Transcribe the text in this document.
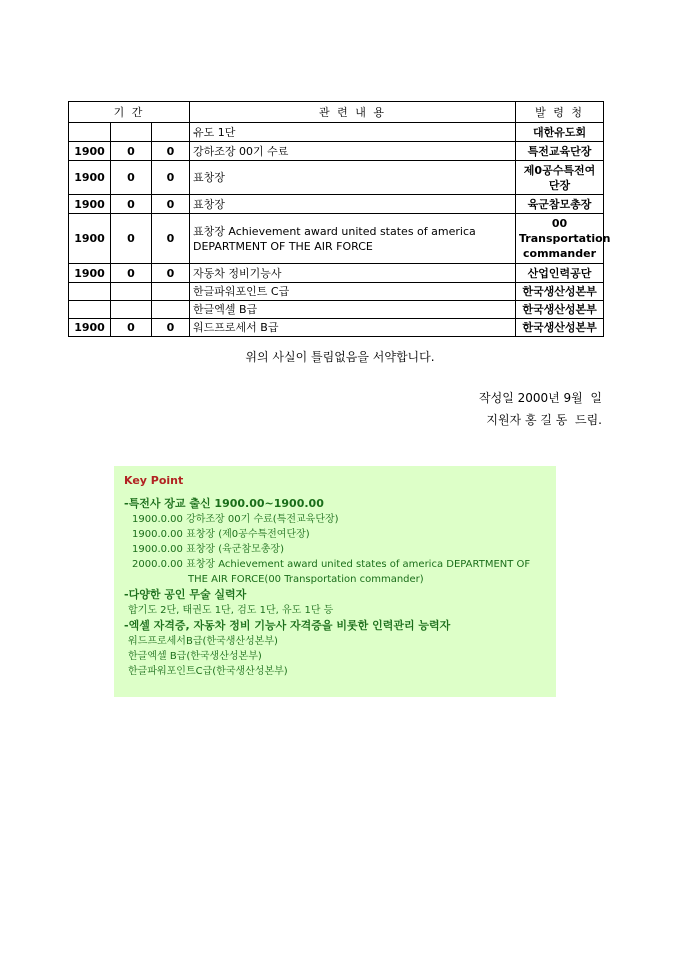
기 간			관 련 내 용	발 령 청
			유도 1단	대한유도회
1900	0	0	강하조장 00기 수료	특전교육단장
1900	0	0	표창장	제0공수특전여단장
1900	0	0	표창장	육군참모총장
1900	0	0	표창장 Achievement award united states of america DEPARTMENT OF THE AIR FORCE	00 Transportation commander
1900	0	0	자동차 정비기능사	산업인력공단
			한글파워포인트 C급	한국생산성본부
			한글엑셀 B급	한국생산성본부
1900	0	0	워드프로세서 B급	한국생산성본부
위의 사실이 틀림없음을 서약합니다.
작성일 2000년 9월  일
지원자 홍 길 동  드림.
Key Point
-특전사 장교 출신 1900.00~1900.00
1900.0.00 강하조장 00기 수료(특전교육단장)
1900.0.00 표창장 (제0공수특전여단장)
1900.0.00 표창장 (육군참모총장)
2000.0.00 표창장 Achievement award united states of america DEPARTMENT OF
THE AIR FORCE(00 Transportation commander)
-다양한 공인 무술 실력자
합기도 2단, 태권도 1단, 검도 1단, 유도 1단 등
-엑셀 자격증, 자동차 정비 기능사 자격증을 비롯한 인력관리 능력자
워드프로세서B급(한국생산성본부)
한글엑셀 B급(한국생산성본부)
한글파워포인트C급(한국생산성본부)
